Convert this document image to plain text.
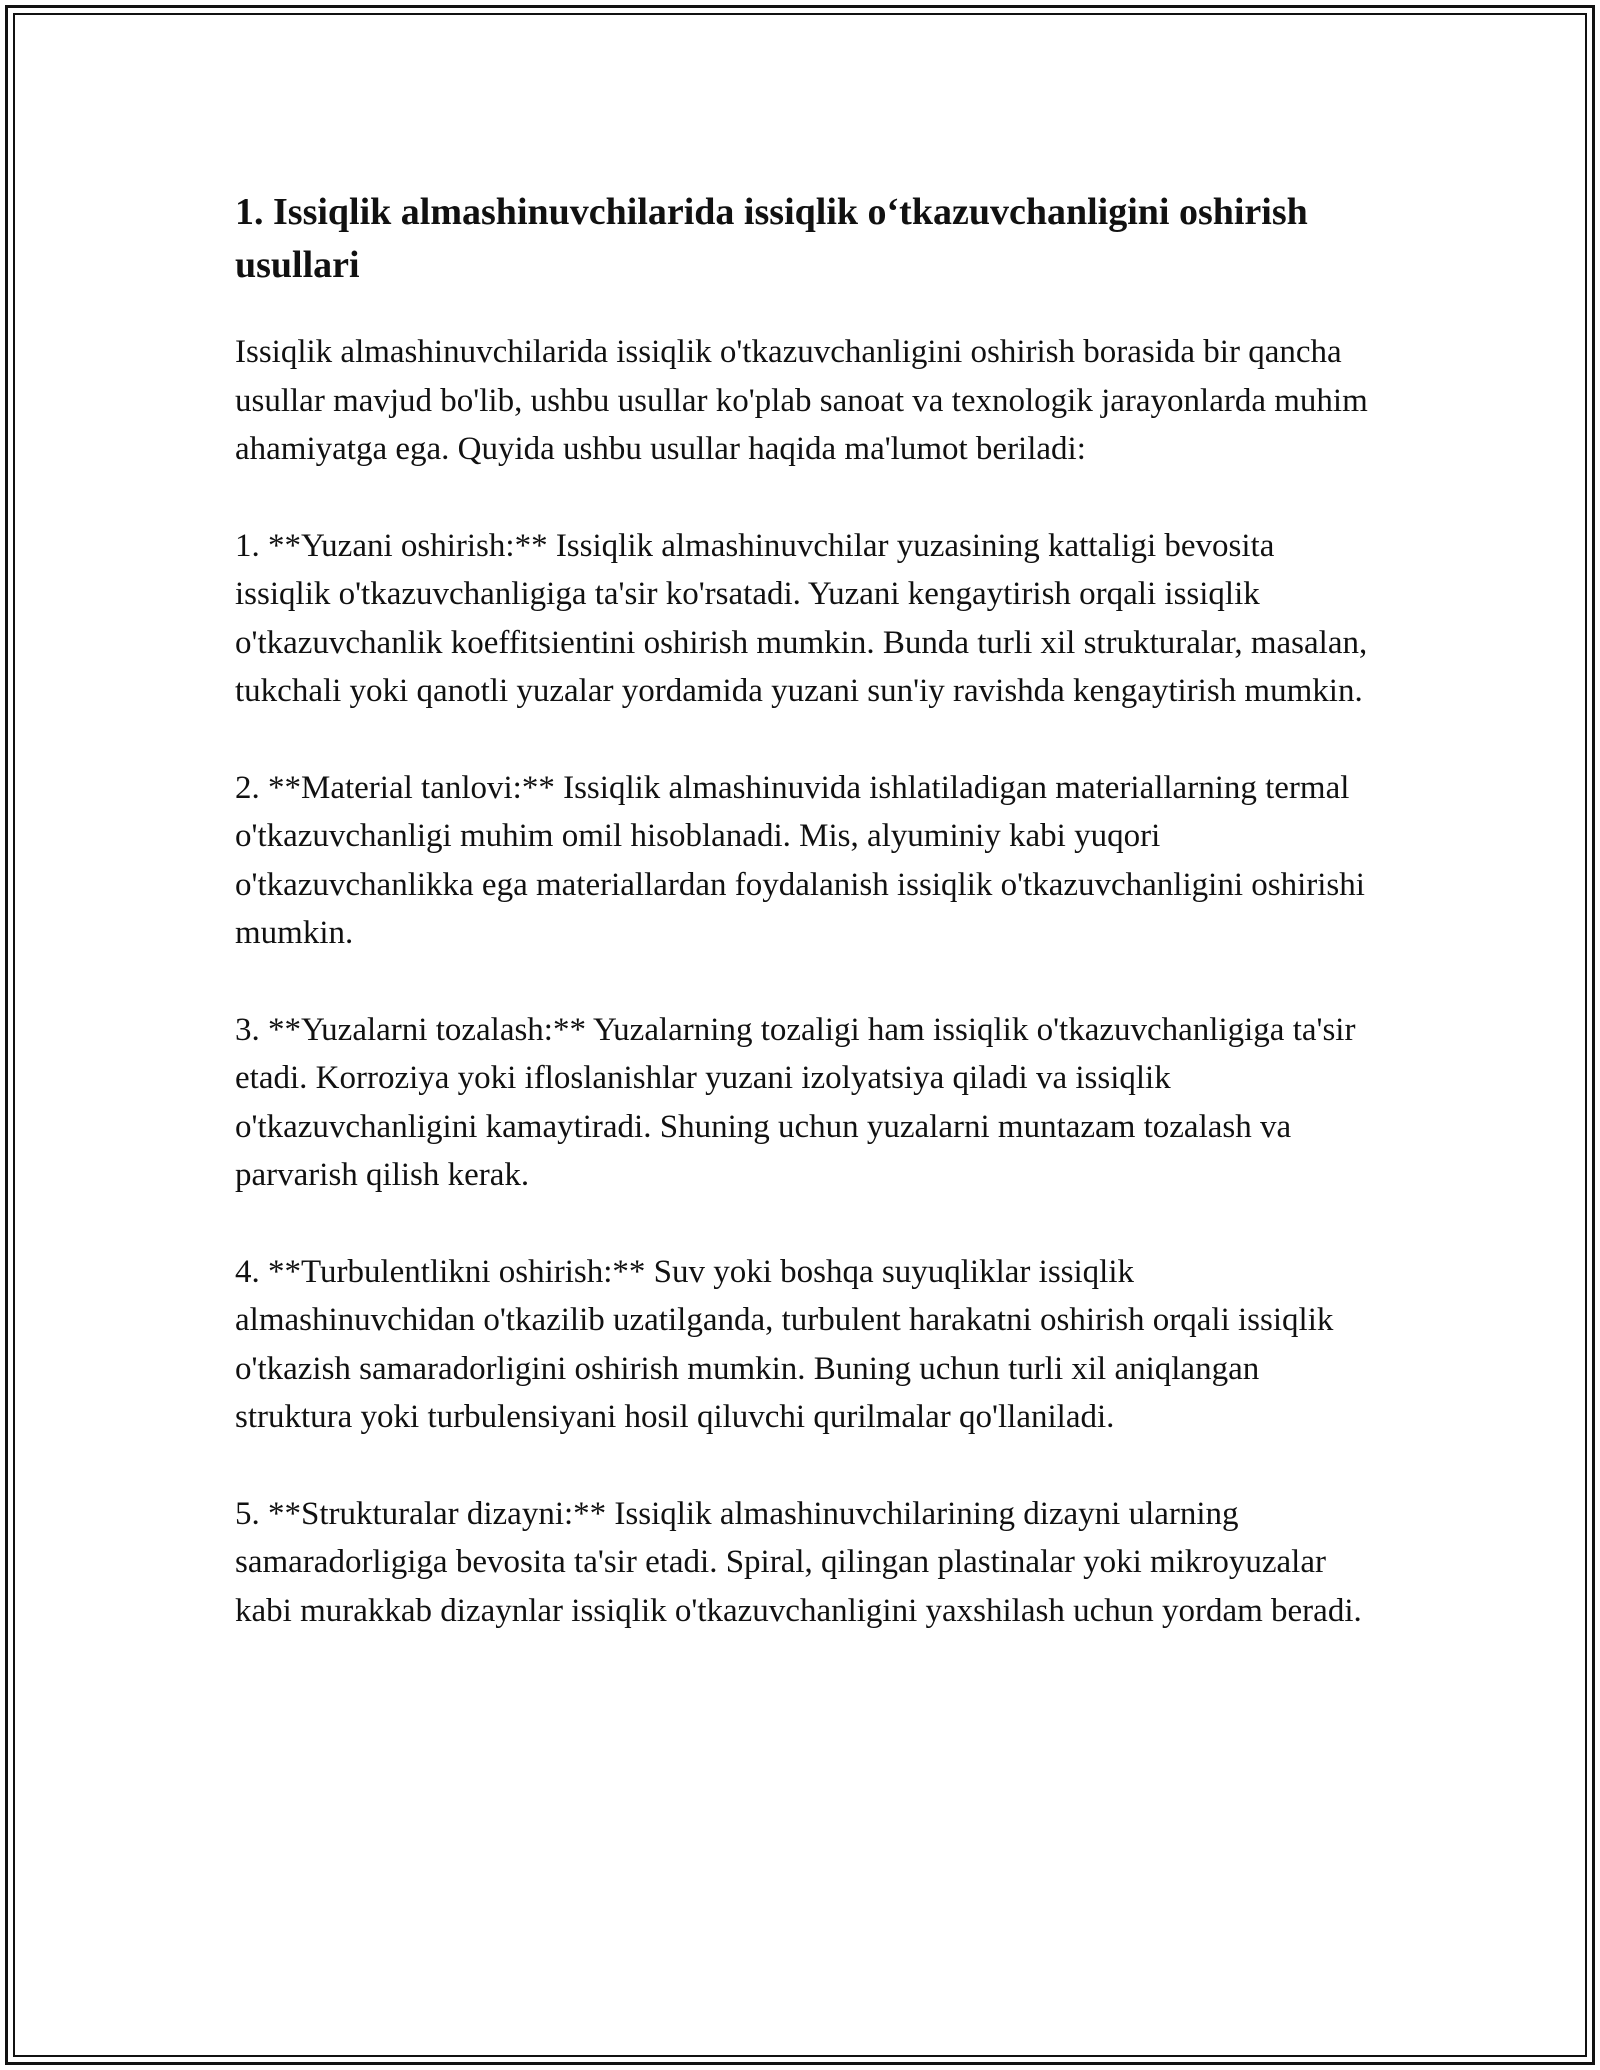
1. Issiqlik almashinuvchilarida issiqlik o‘tkazuvchanligini oshirish usullari

Issiqlik almashinuvchilarida issiqlik o'tkazuvchanligini oshirish borasida bir qancha usullar mavjud bo'lib, ushbu usullar ko'plab sanoat va texnologik jarayonlarda muhim ahamiyatga ega. Quyida ushbu usullar haqida ma'lumot beriladi:

1. **Yuzani oshirish:** Issiqlik almashinuvchilar yuzasining kattaligi bevosita issiqlik o'tkazuvchanligiga ta'sir ko'rsatadi. Yuzani kengaytirish orqali issiqlik o'tkazuvchanlik koeffitsientini oshirish mumkin. Bunda turli xil strukturalar, masalan, tukchali yoki qanotli yuzalar yordamida yuzani sun'iy ravishda kengaytirish mumkin.

2. **Material tanlovi:** Issiqlik almashinuvida ishlatiladigan materiallarning termal o'tkazuvchanligi muhim omil hisoblanadi. Mis, alyuminiy kabi yuqori o'tkazuvchanlikka ega materiallardan foydalanish issiqlik o'tkazuvchanligini oshirishi mumkin.

3. **Yuzalarni tozalash:** Yuzalarning tozaligi ham issiqlik o'tkazuvchanligiga ta'sir etadi. Korroziya yoki ifloslanishlar yuzani izolyatsiya qiladi va issiqlik o'tkazuvchanligini kamaytiradi. Shuning uchun yuzalarni muntazam tozalash va parvarish qilish kerak.

4. **Turbulentlikni oshirish:** Suv yoki boshqa suyuqliklar issiqlik almashinuvchidan o'tkazilib uzatilganda, turbulent harakatni oshirish orqali issiqlik o'tkazish samaradorligini oshirish mumkin. Buning uchun turli xil aniqlangan struktura yoki turbulensiyani hosil qiluvchi qurilmalar qo'llaniladi.

5. **Strukturalar dizayni:** Issiqlik almashinuvchilarining dizayni ularning samaradorligiga bevosita ta'sir etadi. Spiral, qilingan plastinalar yoki mikroyuzalar kabi murakkab dizaynlar issiqlik o'tkazuvchanligini yaxshilash uchun yordam beradi.
